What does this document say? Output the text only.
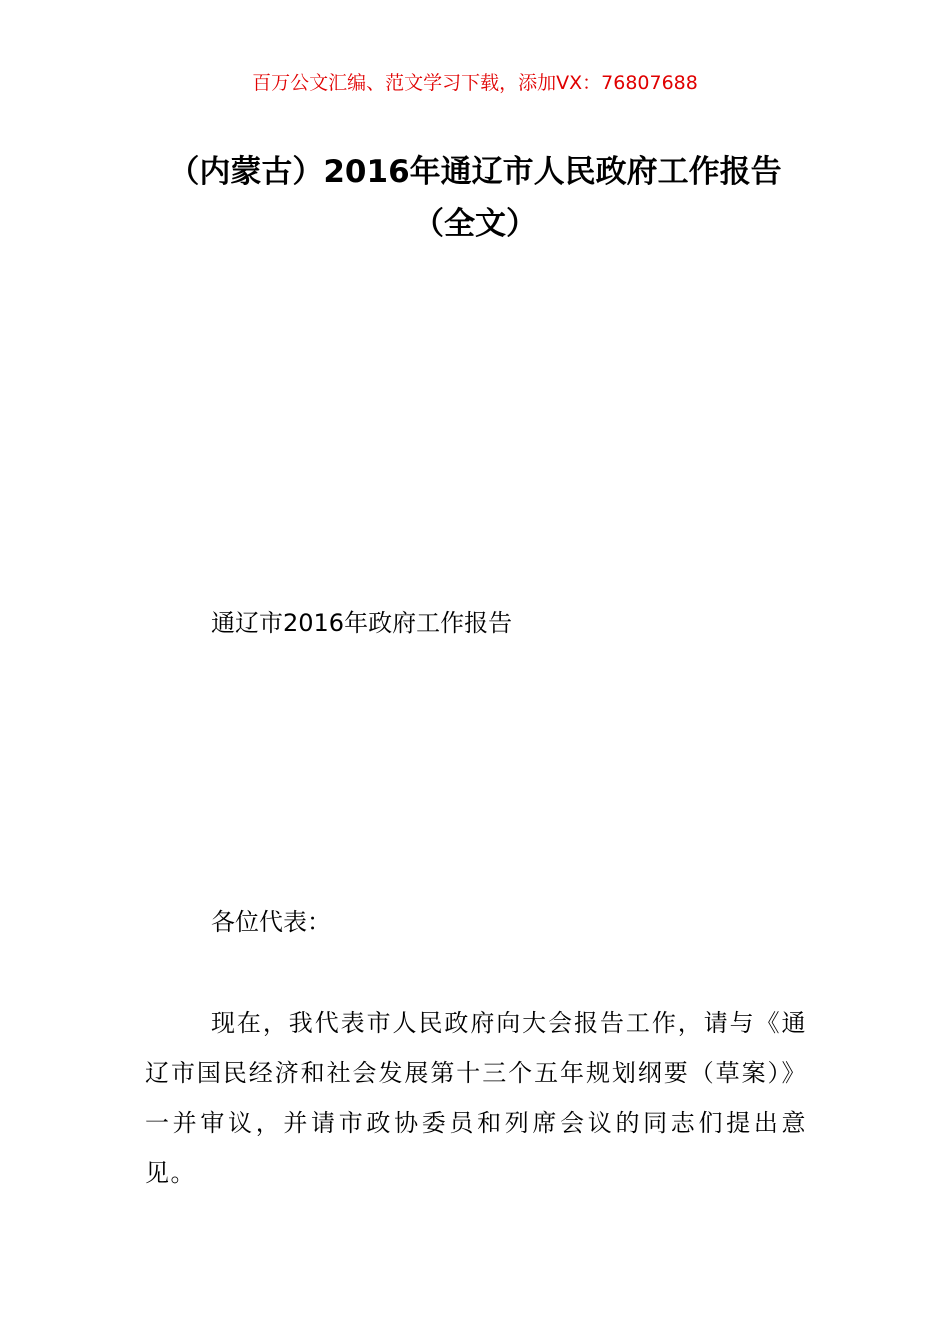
百万公文汇编、范文学习下载，添加VX：76807688
（内蒙古）2016年通辽市人民政府工作报告（全文）
通辽市2016年政府工作报告
各位代表：
现在，我代表市人民政府向大会报告工作，请与《通辽市国民经济和社会发展第十三个五年规划纲要（草案）》一并审议，并请市政协委员和列席会议的同志们提出意见。
